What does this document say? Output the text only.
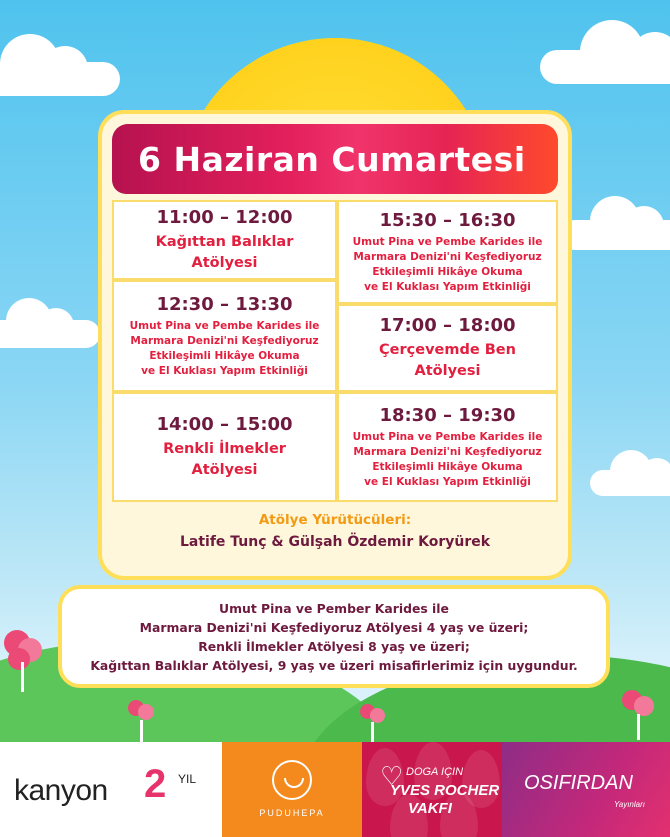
6 Haziran Cumartesi
11:00 – 12:00
Kağıttan Balıklar
Atölyesi
12:30 – 13:30
Umut Pina ve Pembe Karides ile
Marmara Denizi'ni Keşfediyoruz
Etkileşimli Hikâye Okuma
ve El Kuklası Yapım Etkinliği
14:00 – 15:00
Renkli İlmekler
Atölyesi
15:30 – 16:30
Umut Pina ve Pembe Karides ile
Marmara Denizi'ni Keşfediyoruz
Etkileşimli Hikâye Okuma
ve El Kuklası Yapım Etkinliği
17:00 – 18:00
Çerçevemde Ben
Atölyesi
18:30 – 19:30
Umut Pina ve Pembe Karides ile
Marmara Denizi'ni Keşfediyoruz
Etkileşimli Hikâye Okuma
ve El Kuklası Yapım Etkinliği
Atölye Yürütücüleri:
Latife Tunç & Gülşah Özdemir Koryürek
Umut Pina ve Pember Karides ile
Marmara Denizi'ni Keşfediyoruz Atölyesi 4 yaş ve üzeri;
Renkli İlmekler Atölyesi 8 yaş ve üzeri;
Kağıttan Balıklar Atölyesi, 9 yaş ve üzeri misafirlerimiz için uygundur.
kanyon 2 YIL
PUDUHEPA
♡ DOGA IÇIN
YVES ROCHER
VAKFI
OSIFIRDAN
Yayınları
